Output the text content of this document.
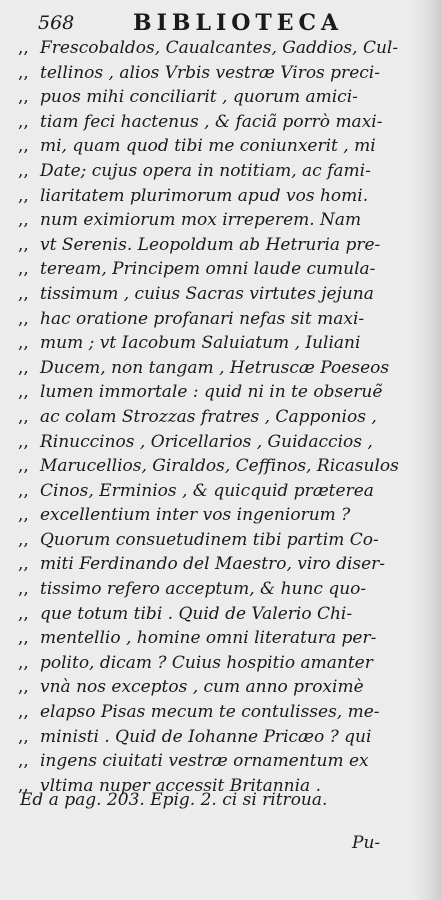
568	BIBLIOTECA
,, Frescobaldos, Caualcantes, Gaddios, Cul-
,, tellinos , alios Vrbis vestræ Viros preci-
,, puos mihi conciliarit , quorum amici-
,, tiam feci hactenus , & faciã porrò maxi-
,, mi, quam quod tibi me coniunxerit , mi
,, Date; cujus opera in notitiam, ac fami-
,, liaritatem plurimorum apud vos homi.
,, num eximiorum mox irreperem. Nam
,, vt Serenis. Leopoldum ab Hetruria pre-
,, teream, Principem omni laude cumula-
,, tissimum , cuius Sacras virtutes jejuna
,, hac oratione profanari nefas sit maxi-
,, mum ; vt Iacobum Saluiatum , Iuliani
,, Ducem, non tangam , Hetruscæ Poeseos
,, lumen immortale : quid ni in te obseruẽ
,, ac colam Strozzas fratres , Capponios ,
,, Rinuccinos , Oricellarios , Guidaccios ,
,, Marucellios, Giraldos, Ceffinos, Ricasulos
,, Cinos, Erminios , & quicquid præterea
,, excellentium inter vos ingeniorum ?
,, Quorum consuetudinem tibi partim Co-
,, miti Ferdinando del Maestro, viro diser-
,, tissimo refero acceptum, & hunc quo-
,, que totum tibi . Quid de Valerio Chi-
,, mentellio , homine omni literatura per-
,, polito, dicam ? Cuius hospitio amanter
,, vnà nos exceptos , cum anno proximè
,, elapso Pisas mecum te contulisses, me-
,, ministi . Quid de Iohanne Pricæo ? qui
,, ingens ciuitati vestræ ornamentum ex
,, vltima nuper accessit Britannia .
Ed a pag. 203. Epig. 2. ci si ritroua.
Pu-
